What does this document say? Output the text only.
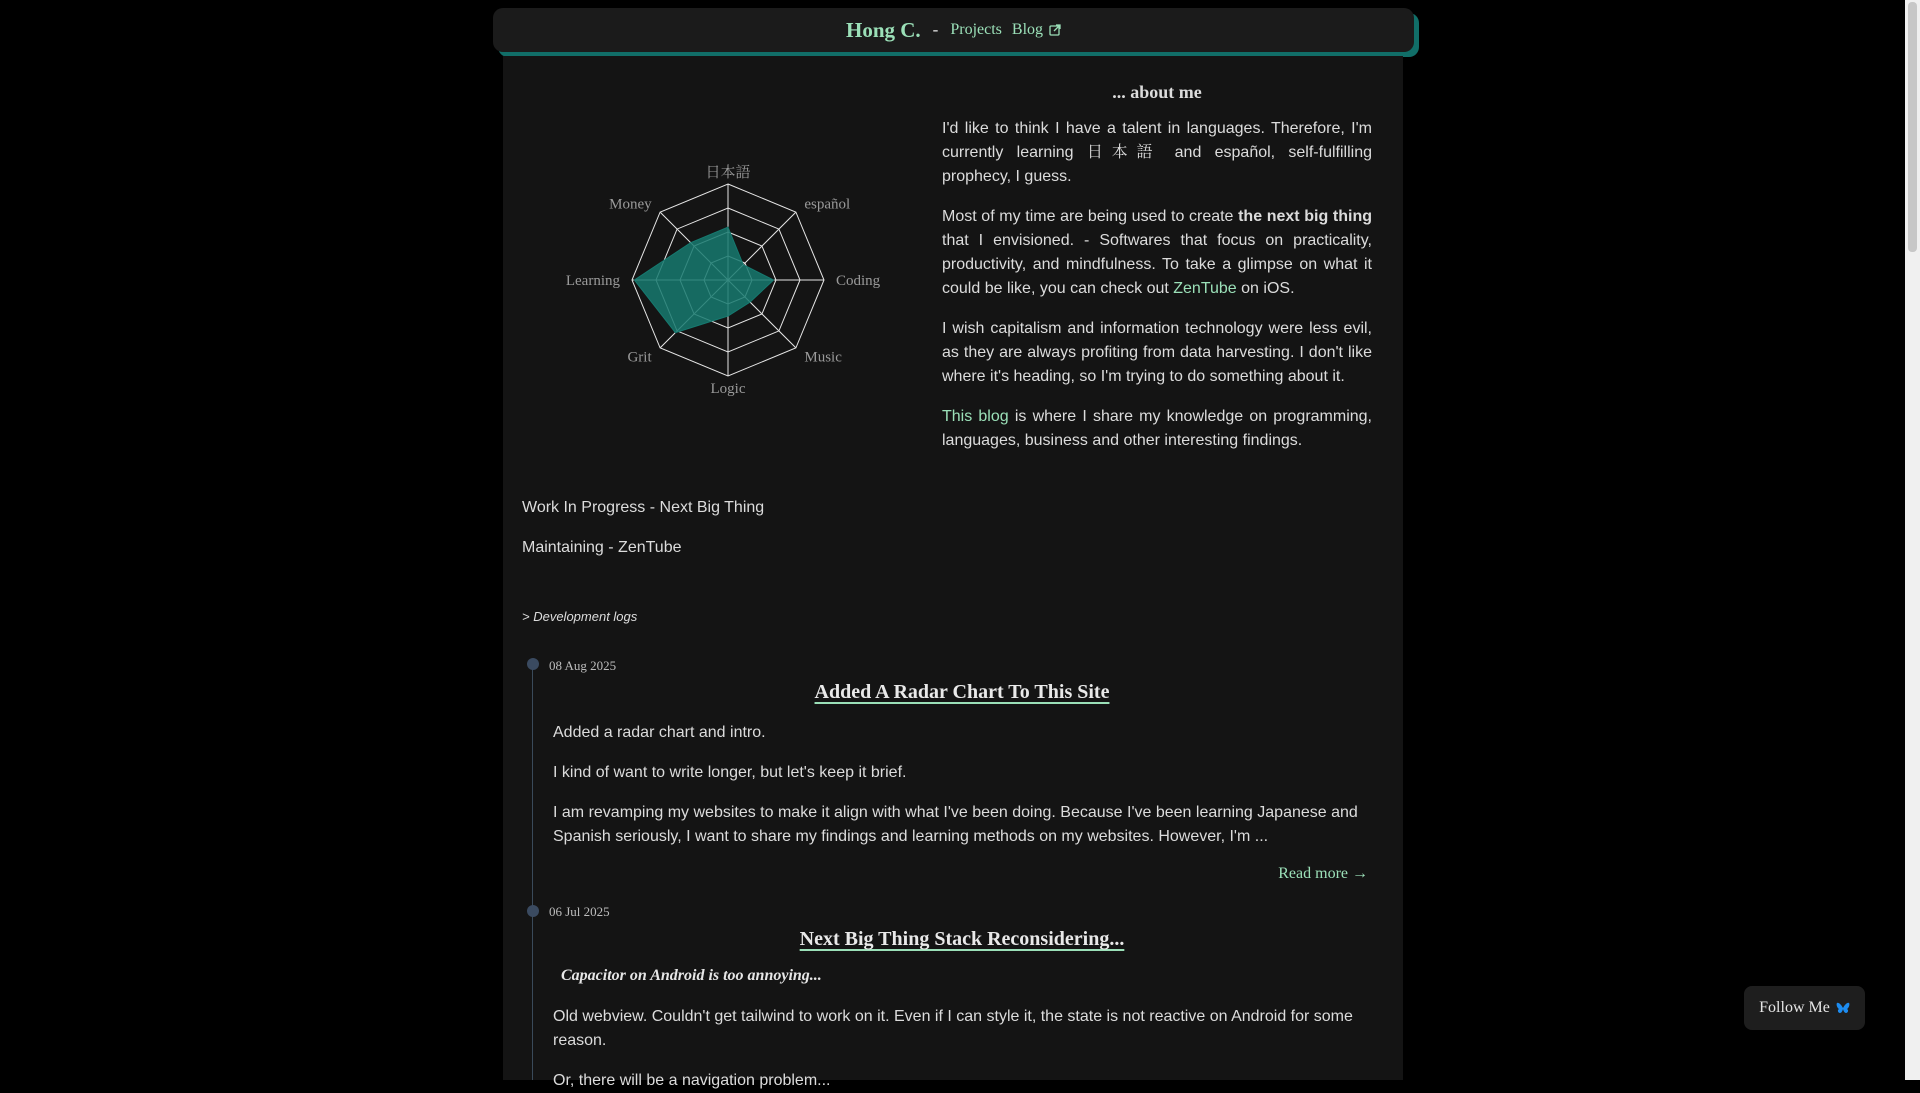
Hong C. - Projects Blog
日本語
español
Coding
Music
Logic
Grit
Learning
Money
... about me

I'd like to think I have a talent in languages. Therefore, I'm currently learning 日本語 and español, self-fulfilling prophecy, I guess.

Most of my time are being used to create the next big thing that I envisioned. - Softwares that focus on practicality, productivity, and mindfulness. To take a glimpse on what it could be like, you can check out ZenTube on iOS.

I wish capitalism and information technology were less evil, as they are always profiting from data harvesting. I don't like where it's heading, so I'm trying to do something about it.

This blog is where I share my knowledge on programming, languages, business and other interesting findings.

Work In Progress - Next Big Thing
Maintaining - ZenTube
> Development logs
08 Aug 2025
Added A Radar Chart To This Site
Added a radar chart and intro.
I kind of want to write longer, but let's keep it brief.
I am revamping my websites to make it align with what I've been doing. Because I've been learning Japanese and Spanish seriously, I want to share my findings and learning methods on my websites. However, I'm ...
Read more →
06 Jul 2025
Next Big Thing Stack Reconsidering...
Capacitor on Android is too annoying...
Old webview. Couldn't get tailwind to work on it. Even if I can style it, the state is not reactive on Android for some reason.
Or, there will be a navigation problem...
Follow Me
